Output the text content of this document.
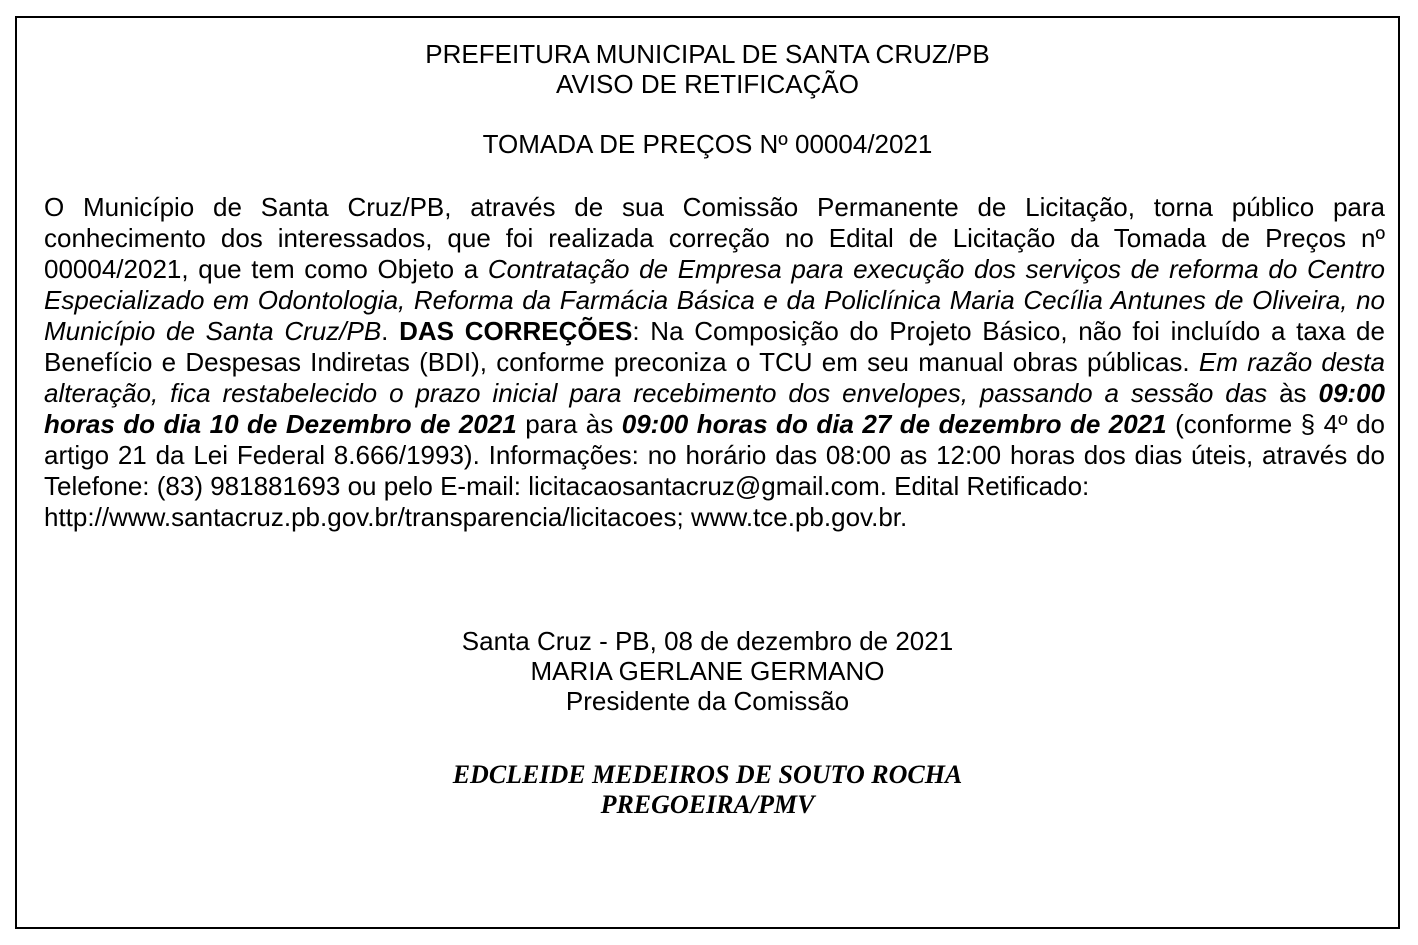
PREFEITURA MUNICIPAL DE SANTA CRUZ/PB
AVISO DE RETIFICAÇÃO
TOMADA DE PREÇOS Nº 00004/2021
O Município de Santa Cruz/PB, através de sua Comissão Permanente de Licitação, torna público para conhecimento dos interessados, que foi realizada correção no Edital de Licitação da Tomada de Preços nº 00004/2021, que tem como Objeto a Contratação de Empresa para execução dos serviços de reforma do Centro Especializado em Odontologia, Reforma da Farmácia Básica e da Policlínica Maria Cecília Antunes de Oliveira, no Município de Santa Cruz/PB. DAS CORREÇÕES: Na Composição do Projeto Básico, não foi incluído a taxa de Benefício e Despesas Indiretas (BDI), conforme preconiza o TCU em seu manual obras públicas. Em razão desta alteração, fica restabelecido o prazo inicial para recebimento dos envelopes, passando a sessão das às 09:00 horas do dia 10 de Dezembro de 2021 para às 09:00 horas do dia 27 de dezembro de 2021 (conforme § 4º do artigo 21 da Lei Federal 8.666/1993). Informações: no horário das 08:00 as 12:00 horas dos dias úteis, através do Telefone: (83) 981881693 ou pelo E-mail: licitacaosantacruz@gmail.com. Edital Retificado:
http://www.santacruz.pb.gov.br/transparencia/licitacoes; www.tce.pb.gov.br.
Santa Cruz - PB, 08 de dezembro de 2021
MARIA GERLANE GERMANO
Presidente da Comissão
EDCLEIDE MEDEIROS DE SOUTO ROCHA
PREGOEIRA/PMV
